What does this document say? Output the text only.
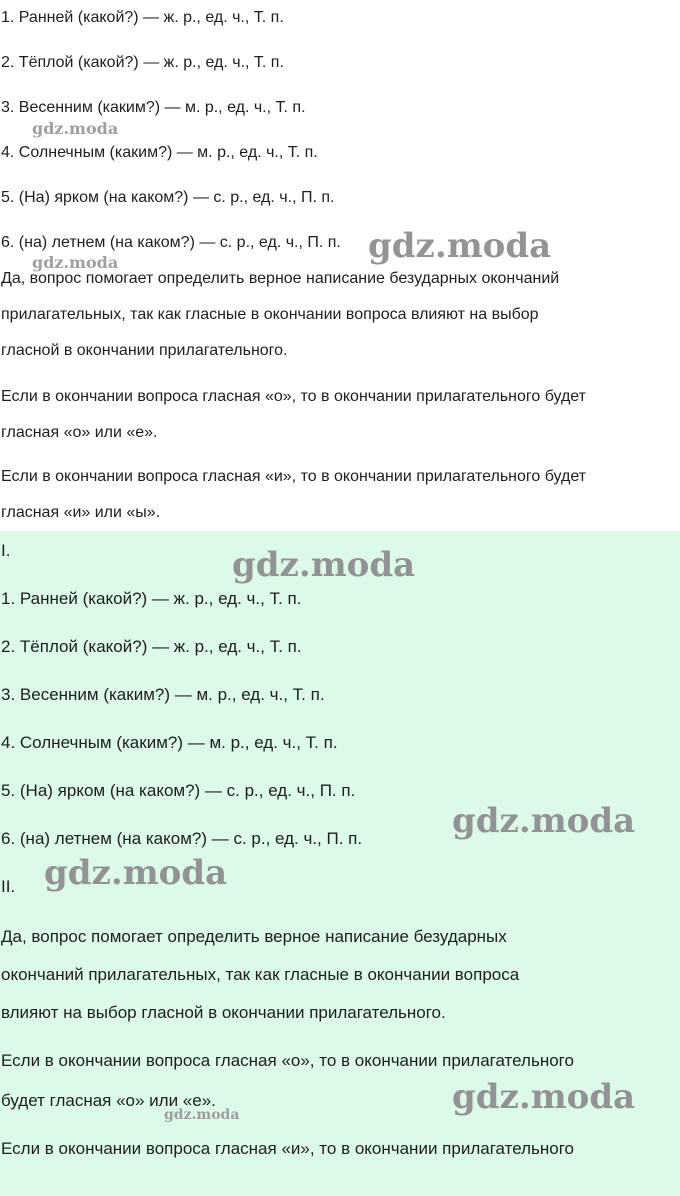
1. Ранней (какой?) — ж. р., ед. ч., Т. п.
2. Тёплой (какой?) — ж. р., ед. ч., Т. п.
3. Весенним (каким?) — м. р., ед. ч., Т. п.
4. Солнечным (каким?) — м. р., ед. ч., Т. п.
5. (На) ярком (на каком?) — с. р., ед. ч., П. п.
6. (на) летнем (на каком?) — с. р., ед. ч., П. п.
Да, вопрос помогает определить верное написание безударных окончаний
прилагательных, так как гласные в окончании вопроса влияют на выбор
гласной в окончании прилагательного.
Если в окончании вопроса гласная «о», то в окончании прилагательного будет
гласная «о» или «е».
Если в окончании вопроса гласная «и», то в окончании прилагательного будет
гласная «и» или «ы».
gdz.moda
gdz.moda	gdz.moda
I.
1. Ранней (какой?) — ж. р., ед. ч., Т. п.
2. Тёплой (какой?) — ж. р., ед. ч., Т. п.
3. Весенним (каким?) — м. р., ед. ч., Т. п.
4. Солнечным (каким?) — м. р., ед. ч., Т. п.
5. (На) ярком (на каком?) — с. р., ед. ч., П. п.
6. (на) летнем (на каком?) — с. р., ед. ч., П. п.
II.
Да, вопрос помогает определить верное написание безударных
окончаний прилагательных, так как гласные в окончании вопроса
влияют на выбор гласной в окончании прилагательного.
Если в окончании вопроса гласная «о», то в окончании прилагательного
будет гласная «о» или «е».
Если в окончании вопроса гласная «и», то в окончании прилагательного
gdz.moda
gdz.moda
gdz.moda
gdz.moda
gdz.moda
